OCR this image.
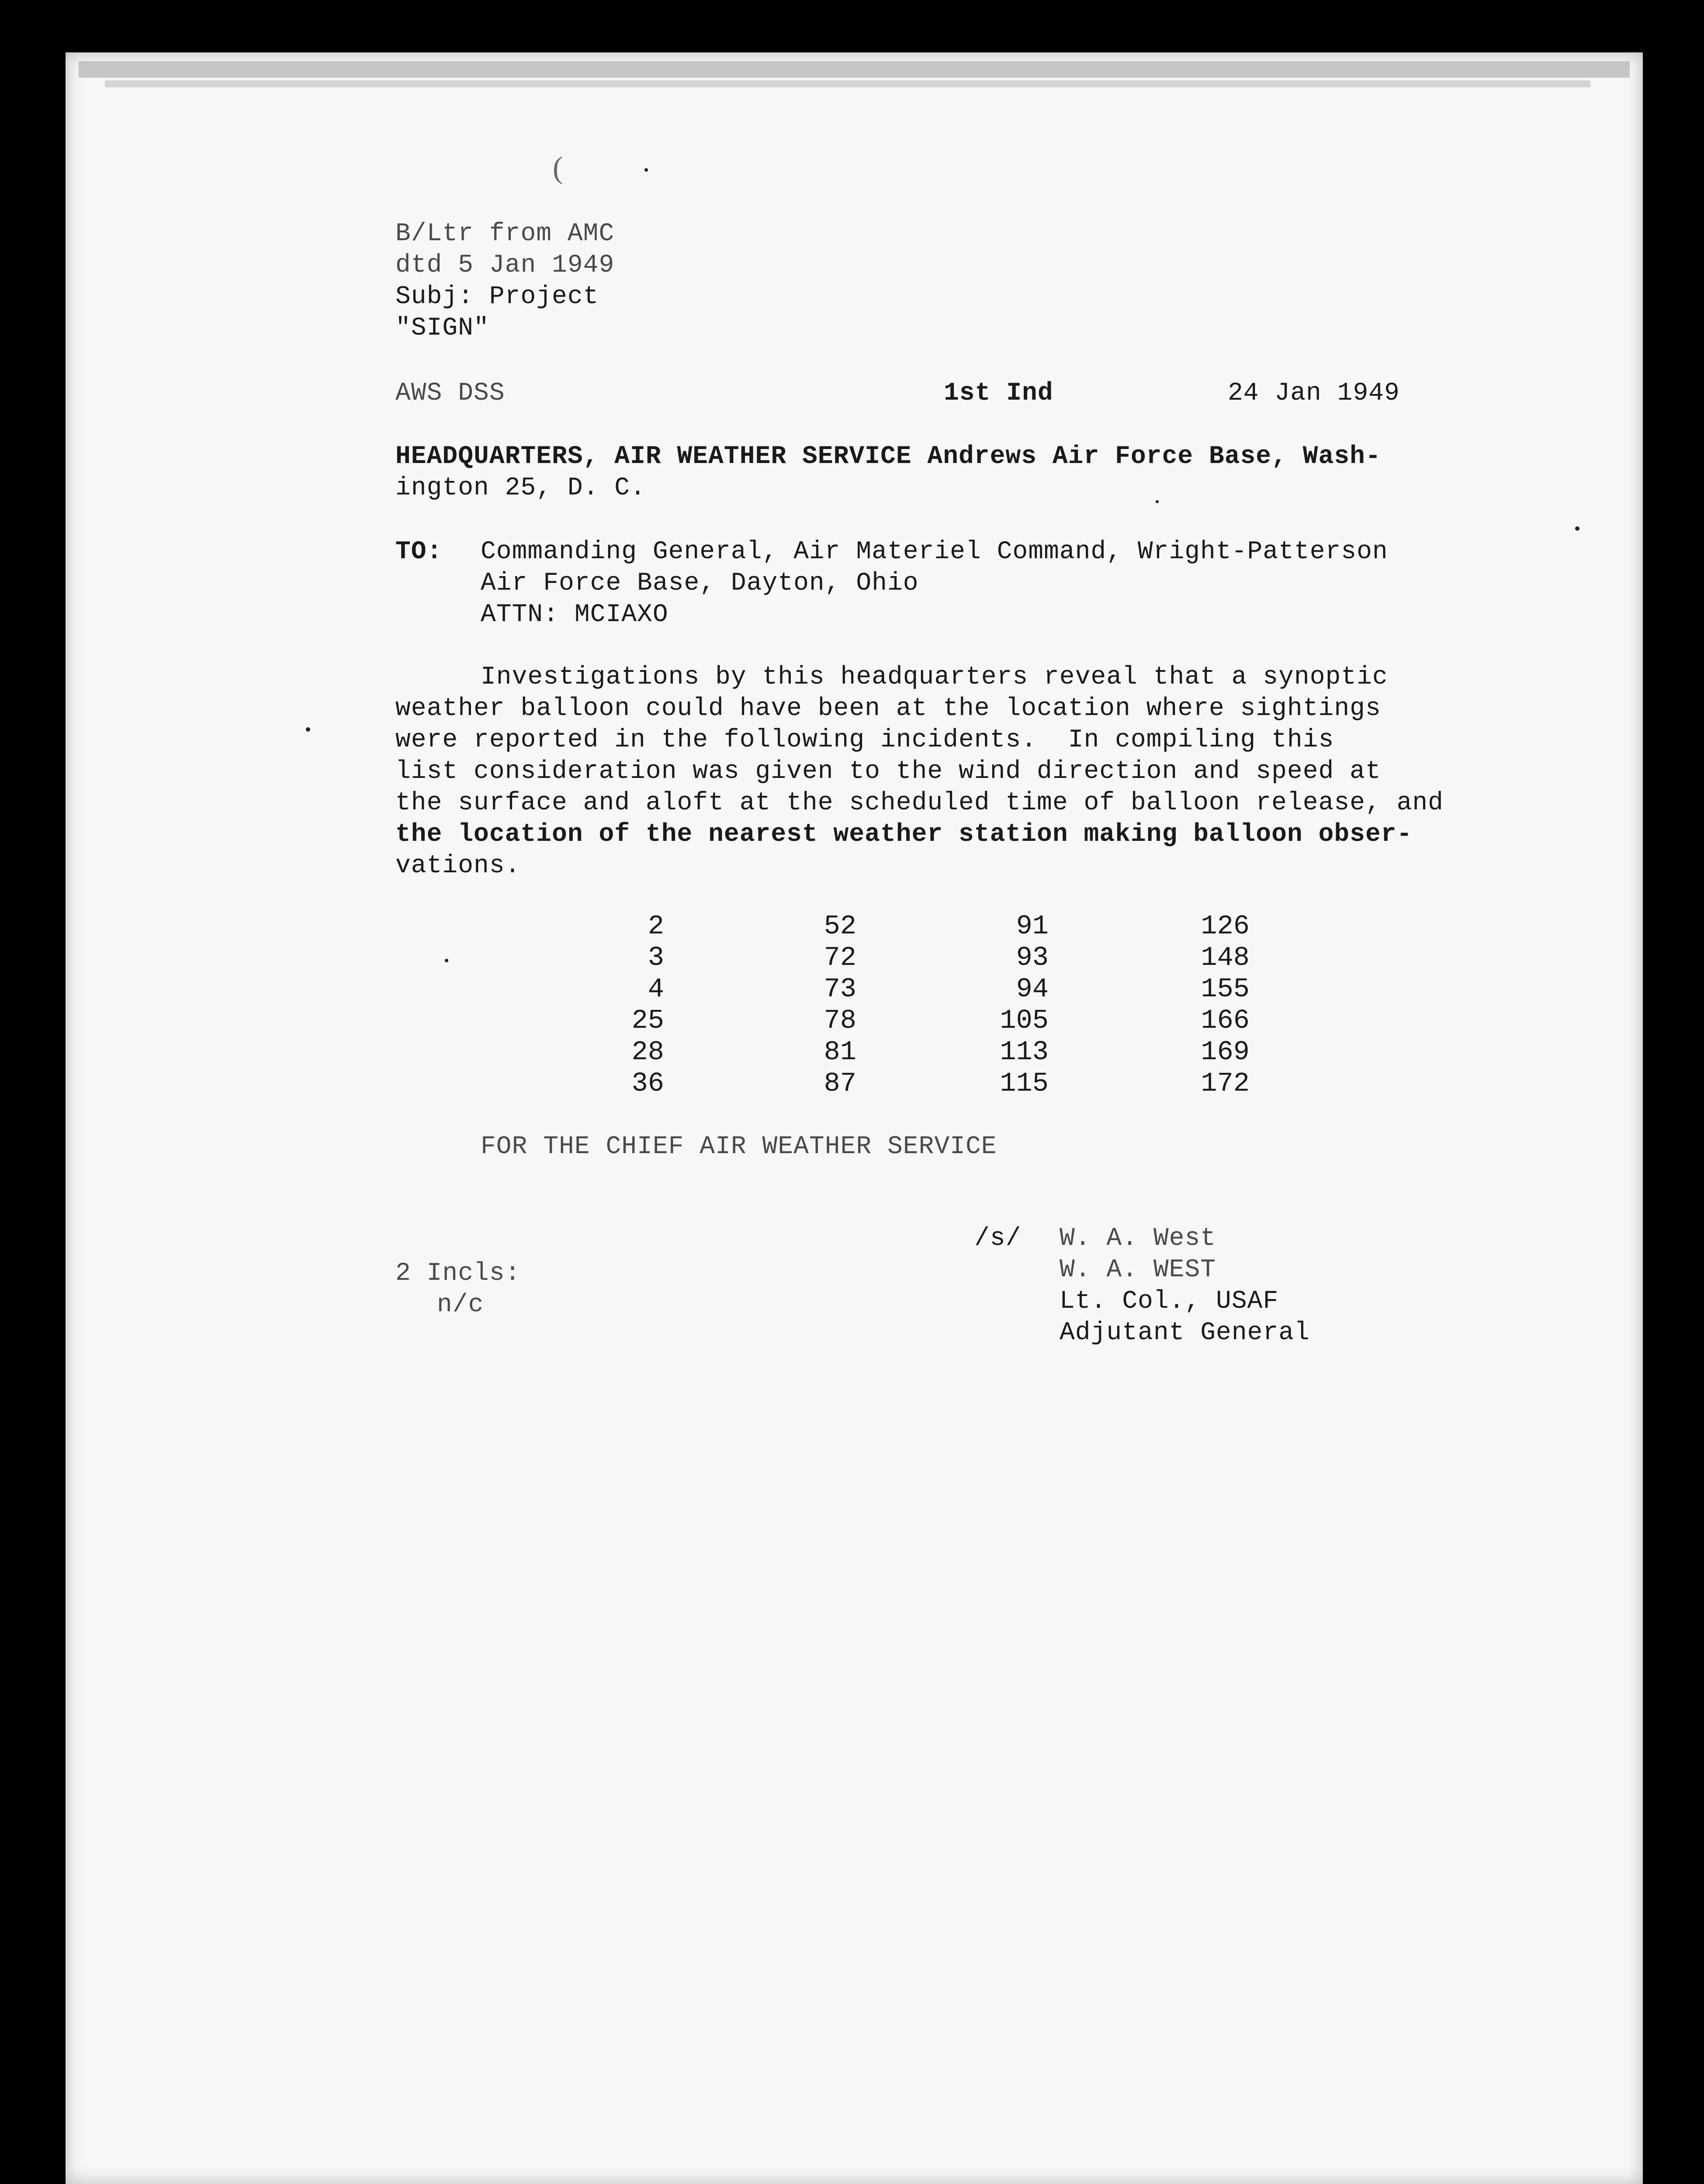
(
B/Ltr from AMC
dtd 5 Jan 1949
Subj: Project
"SIGN"
AWS DSS	1st Ind	24 Jan 1949
HEADQUARTERS, AIR WEATHER SERVICE Andrews Air Force Base, Wash-
ington 25, D. C.
TO: Commanding General, Air Materiel Command, Wright-Patterson
Air Force Base, Dayton, Ohio
ATTN: MCIAXO
Investigations by this headquarters reveal that a synoptic
weather balloon could have been at the location where sightings
were reported in the following incidents.  In compiling this
list consideration was given to the wind direction and speed at
the surface and aloft at the scheduled time of balloon release, and
the location of the nearest weather station making balloon obser-
vations.
2
3
4
25
28
36
52
72
73
78
81
87
91
93
94
105
113
115
126
148
155
166
169
172
FOR THE CHIEF AIR WEATHER SERVICE
/s/ W. A. West
W. A. WEST
Lt. Col., USAF
Adjutant General
2 Incls:
n/c
